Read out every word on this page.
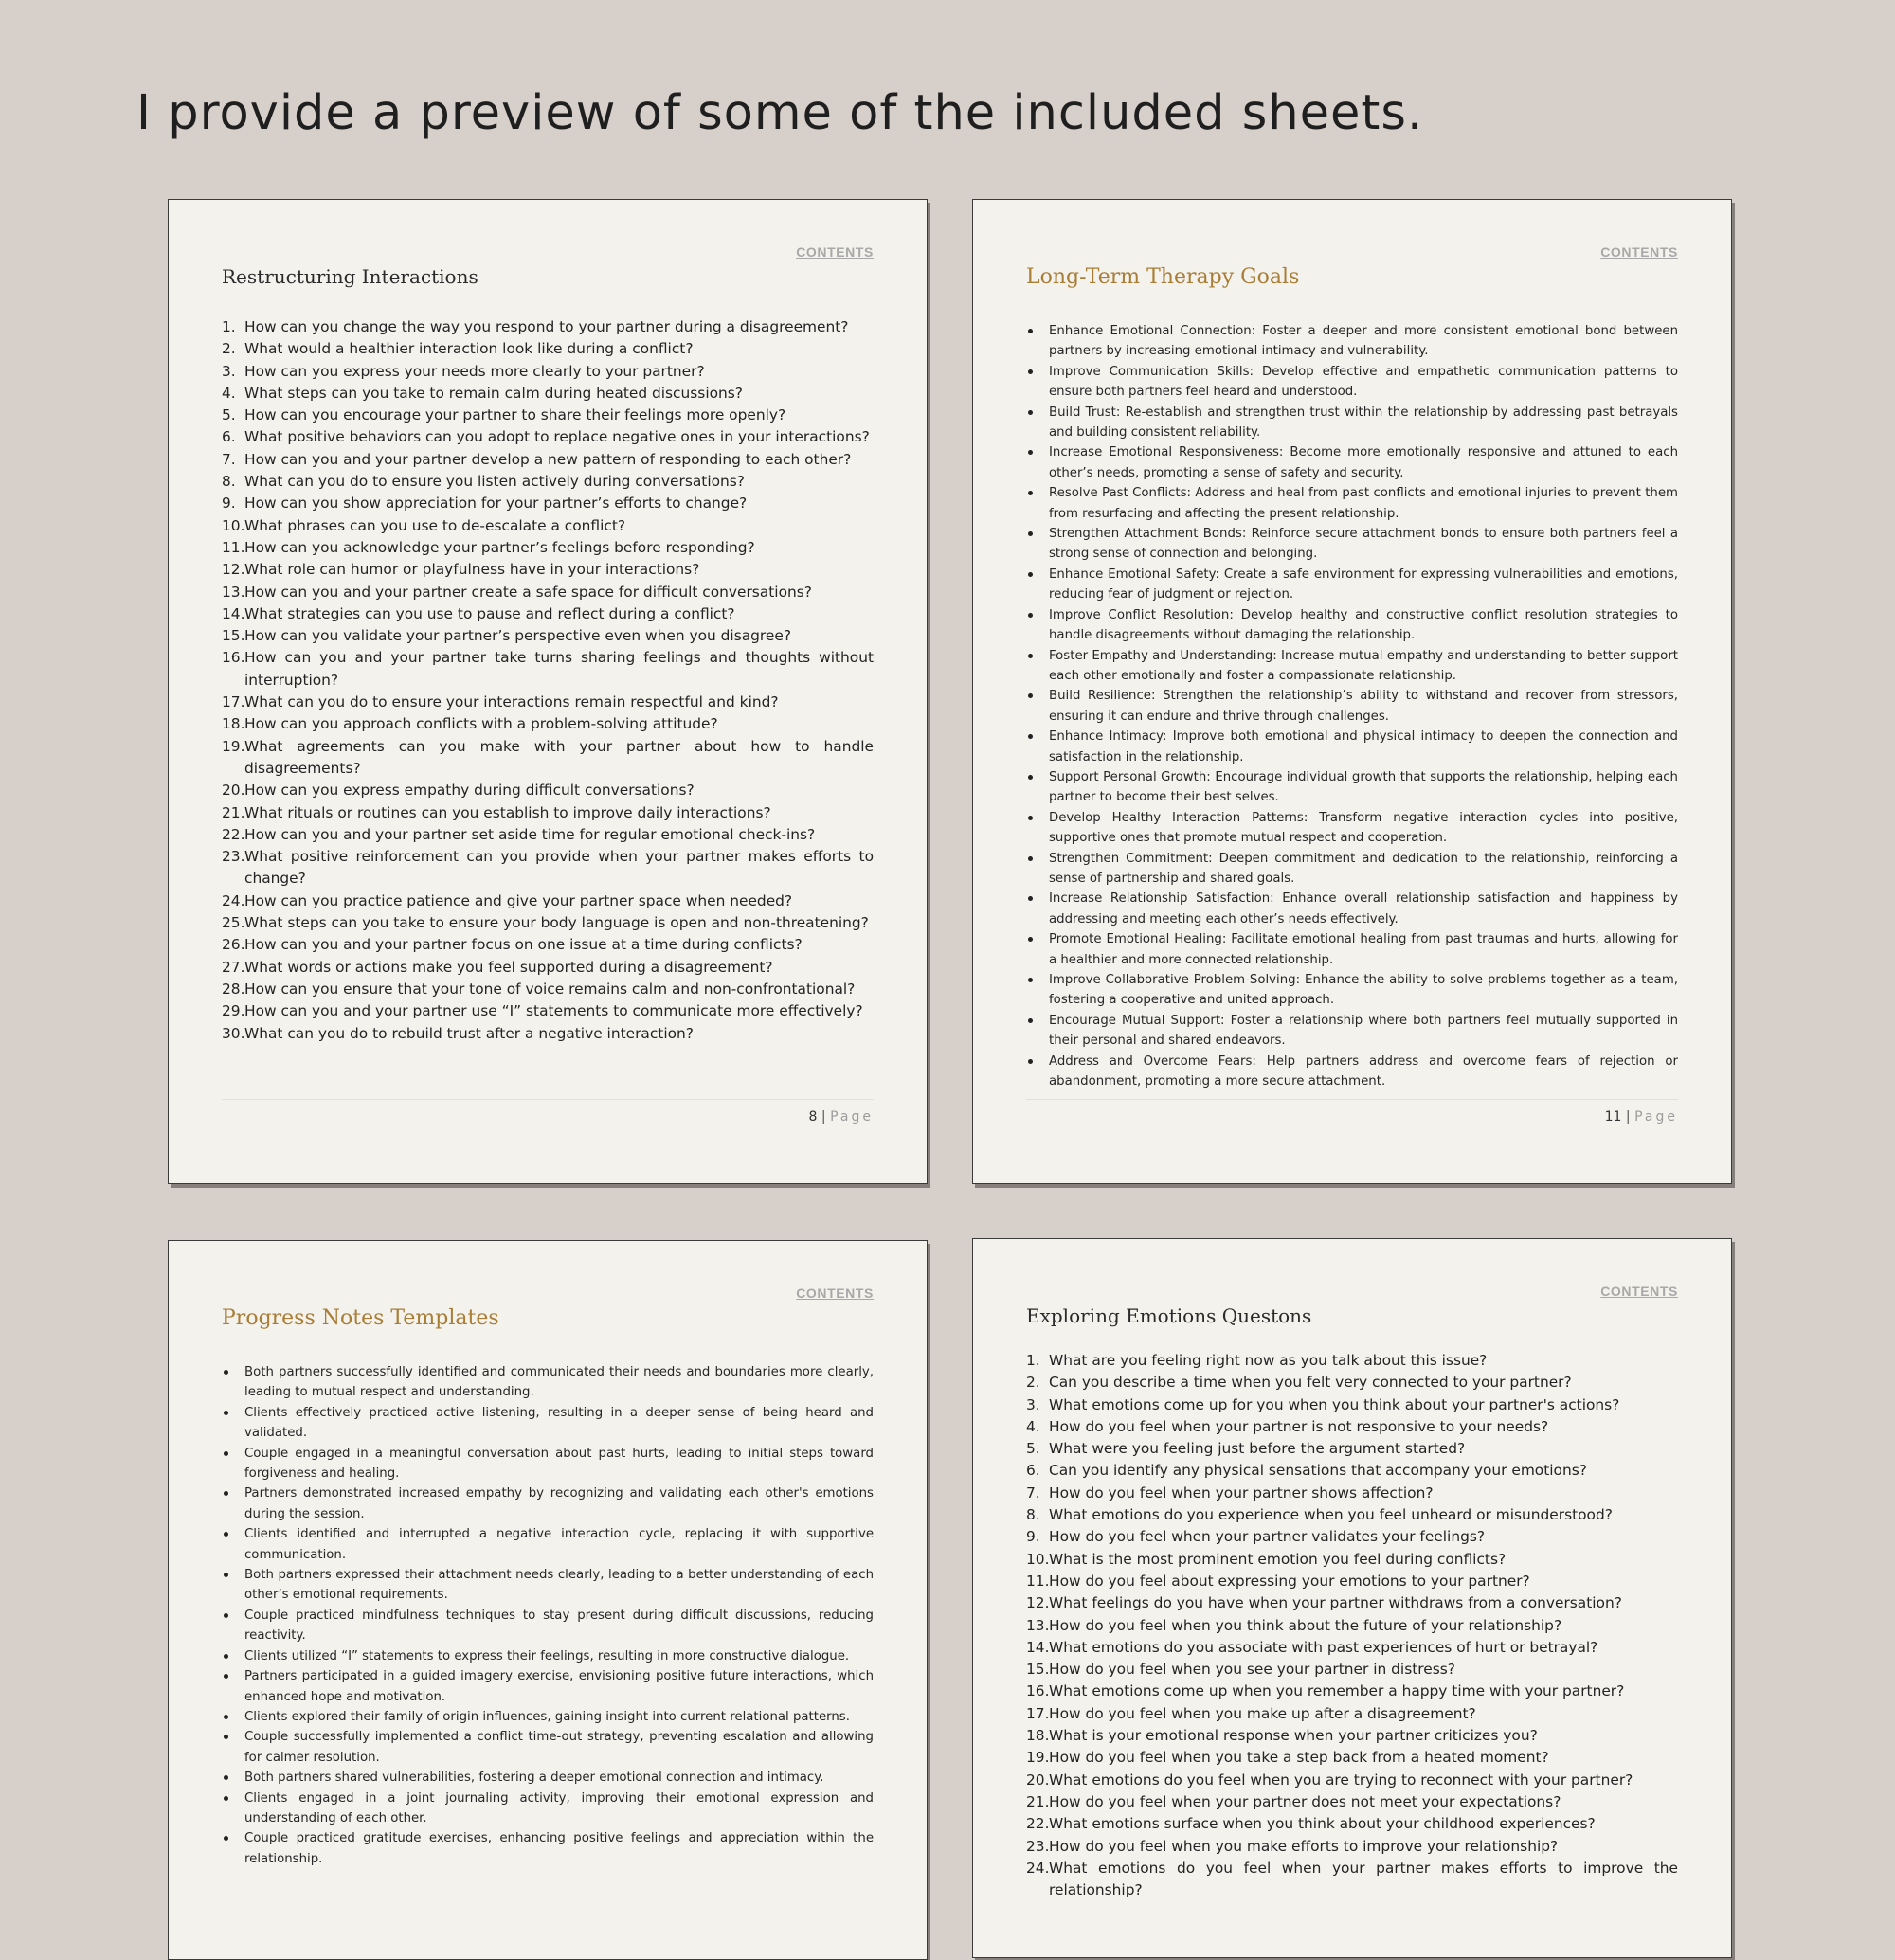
I provide a preview of some of the included sheets.
CONTENTS
Restructuring Interactions
1. How can you change the way you respond to your partner during a disagreement?
2. What would a healthier interaction look like during a conflict?
3. How can you express your needs more clearly to your partner?
4. What steps can you take to remain calm during heated discussions?
5. How can you encourage your partner to share their feelings more openly?
6. What positive behaviors can you adopt to replace negative ones in your interactions?
7. How can you and your partner develop a new pattern of responding to each other?
8. What can you do to ensure you listen actively during conversations?
9. How can you show appreciation for your partner’s efforts to change?
10. What phrases can you use to de-escalate a conflict?
11. How can you acknowledge your partner’s feelings before responding?
12. What role can humor or playfulness have in your interactions?
13. How can you and your partner create a safe space for difficult conversations?
14. What strategies can you use to pause and reflect during a conflict?
15. How can you validate your partner’s perspective even when you disagree?
16. How can you and your partner take turns sharing feelings and thoughts without interruption?
17. What can you do to ensure your interactions remain respectful and kind?
18. How can you approach conflicts with a problem-solving attitude?
19. What agreements can you make with your partner about how to handle disagreements?
20. How can you express empathy during difficult conversations?
21. What rituals or routines can you establish to improve daily interactions?
22. How can you and your partner set aside time for regular emotional check-ins?
23. What positive reinforcement can you provide when your partner makes efforts to change?
24. How can you practice patience and give your partner space when needed?
25. What steps can you take to ensure your body language is open and non-threatening?
26. How can you and your partner focus on one issue at a time during conflicts?
27. What words or actions make you feel supported during a disagreement?
28. How can you ensure that your tone of voice remains calm and non-confrontational?
29. How can you and your partner use “I” statements to communicate more effectively?
30. What can you do to rebuild trust after a negative interaction?
8 | Page
CONTENTS
Long-Term Therapy Goals
Enhance Emotional Connection: Foster a deeper and more consistent emotional bond between partners by increasing emotional intimacy and vulnerability.
Improve Communication Skills: Develop effective and empathetic communication patterns to ensure both partners feel heard and understood.
Build Trust: Re-establish and strengthen trust within the relationship by addressing past betrayals and building consistent reliability.
Increase Emotional Responsiveness: Become more emotionally responsive and attuned to each other’s needs, promoting a sense of safety and security.
Resolve Past Conflicts: Address and heal from past conflicts and emotional injuries to prevent them from resurfacing and affecting the present relationship.
Strengthen Attachment Bonds: Reinforce secure attachment bonds to ensure both partners feel a strong sense of connection and belonging.
Enhance Emotional Safety: Create a safe environment for expressing vulnerabilities and emotions, reducing fear of judgment or rejection.
Improve Conflict Resolution: Develop healthy and constructive conflict resolution strategies to handle disagreements without damaging the relationship.
Foster Empathy and Understanding: Increase mutual empathy and understanding to better support each other emotionally and foster a compassionate relationship.
Build Resilience: Strengthen the relationship’s ability to withstand and recover from stressors, ensuring it can endure and thrive through challenges.
Enhance Intimacy: Improve both emotional and physical intimacy to deepen the connection and satisfaction in the relationship.
Support Personal Growth: Encourage individual growth that supports the relationship, helping each partner to become their best selves.
Develop Healthy Interaction Patterns: Transform negative interaction cycles into positive, supportive ones that promote mutual respect and cooperation.
Strengthen Commitment: Deepen commitment and dedication to the relationship, reinforcing a sense of partnership and shared goals.
Increase Relationship Satisfaction: Enhance overall relationship satisfaction and happiness by addressing and meeting each other’s needs effectively.
Promote Emotional Healing: Facilitate emotional healing from past traumas and hurts, allowing for a healthier and more connected relationship.
Improve Collaborative Problem-Solving: Enhance the ability to solve problems together as a team, fostering a cooperative and united approach.
Encourage Mutual Support: Foster a relationship where both partners feel mutually supported in their personal and shared endeavors.
Address and Overcome Fears: Help partners address and overcome fears of rejection or abandonment, promoting a more secure attachment.
11 | Page
CONTENTS
Progress Notes Templates
Both partners successfully identified and communicated their needs and boundaries more clearly, leading to mutual respect and understanding.
Clients effectively practiced active listening, resulting in a deeper sense of being heard and validated.
Couple engaged in a meaningful conversation about past hurts, leading to initial steps toward forgiveness and healing.
Partners demonstrated increased empathy by recognizing and validating each other's emotions during the session.
Clients identified and interrupted a negative interaction cycle, replacing it with supportive communication.
Both partners expressed their attachment needs clearly, leading to a better understanding of each other’s emotional requirements.
Couple practiced mindfulness techniques to stay present during difficult discussions, reducing reactivity.
Clients utilized “I” statements to express their feelings, resulting in more constructive dialogue.
Partners participated in a guided imagery exercise, envisioning positive future interactions, which enhanced hope and motivation.
Clients explored their family of origin influences, gaining insight into current relational patterns.
Couple successfully implemented a conflict time-out strategy, preventing escalation and allowing for calmer resolution.
Both partners shared vulnerabilities, fostering a deeper emotional connection and intimacy.
Clients engaged in a joint journaling activity, improving their emotional expression and understanding of each other.
Couple practiced gratitude exercises, enhancing positive feelings and appreciation within the relationship.
CONTENTS
Exploring Emotions Questons
1. What are you feeling right now as you talk about this issue?
2. Can you describe a time when you felt very connected to your partner?
3. What emotions come up for you when you think about your partner's actions?
4. How do you feel when your partner is not responsive to your needs?
5. What were you feeling just before the argument started?
6. Can you identify any physical sensations that accompany your emotions?
7. How do you feel when your partner shows affection?
8. What emotions do you experience when you feel unheard or misunderstood?
9. How do you feel when your partner validates your feelings?
10. What is the most prominent emotion you feel during conflicts?
11. How do you feel about expressing your emotions to your partner?
12. What feelings do you have when your partner withdraws from a conversation?
13. How do you feel when you think about the future of your relationship?
14. What emotions do you associate with past experiences of hurt or betrayal?
15. How do you feel when you see your partner in distress?
16. What emotions come up when you remember a happy time with your partner?
17. How do you feel when you make up after a disagreement?
18. What is your emotional response when your partner criticizes you?
19. How do you feel when you take a step back from a heated moment?
20. What emotions do you feel when you are trying to reconnect with your partner?
21. How do you feel when your partner does not meet your expectations?
22. What emotions surface when you think about your childhood experiences?
23. How do you feel when you make efforts to improve your relationship?
24. What emotions do you feel when your partner makes efforts to improve the relationship?
